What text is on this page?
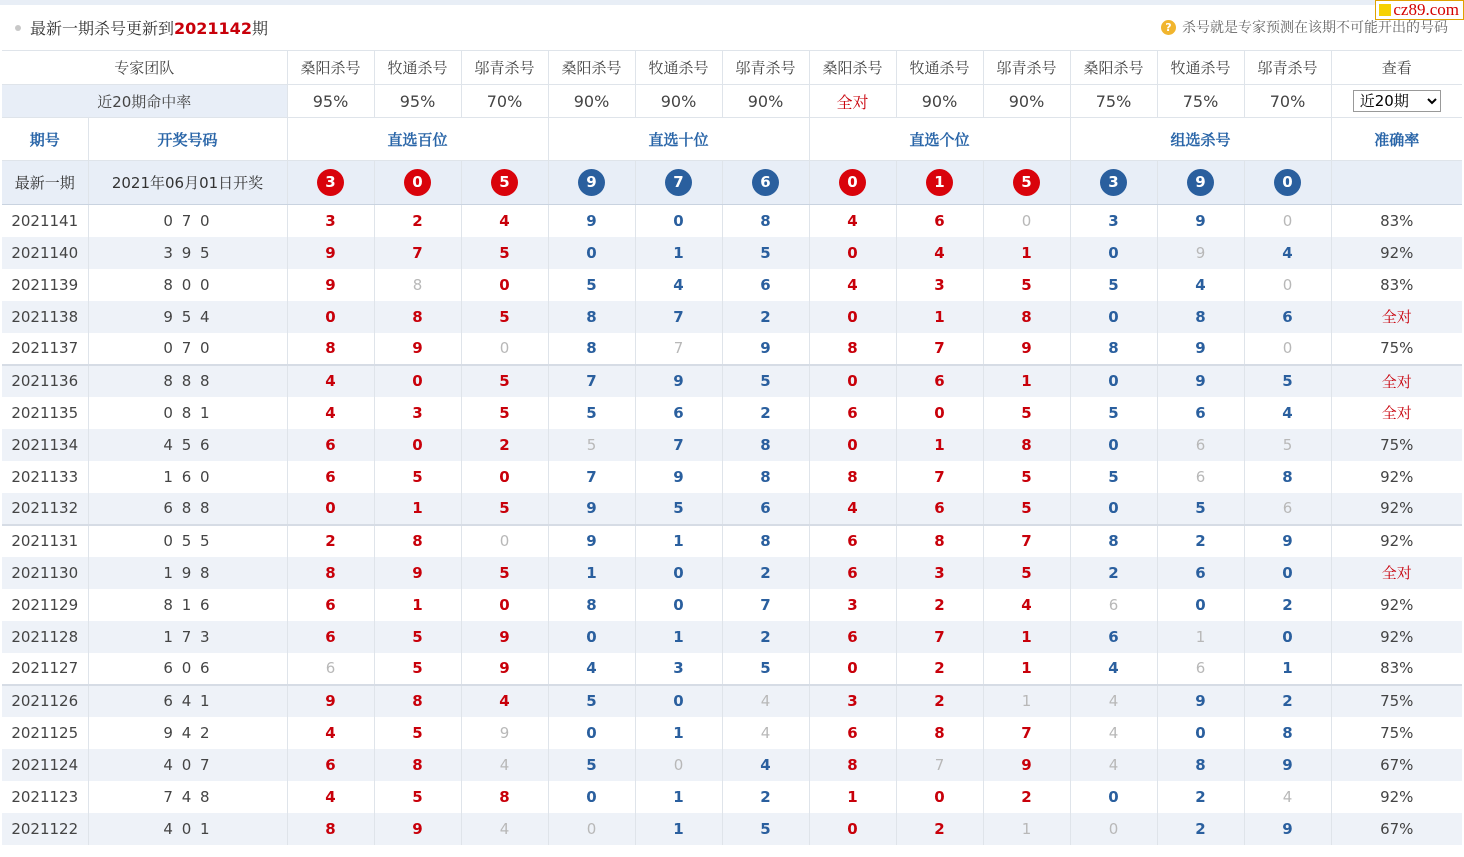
最新一期杀号更新到2021142期	? 杀号就是专家预测在该期不可能开出的号码
cz89.com
专家团队		桑阳杀号	牧通杀号	邬青杀号	桑阳杀号	牧通杀号	邬青杀号	桑阳杀号	牧通杀号	邬青杀号	桑阳杀号	牧通杀号	邬青杀号	查看
近20期命中率		95%	95%	70%	90%	90%	90%	全对	90%	90%	75%	75%	70%	
近20期
期号	开奖号码	直选百位			直选十位			直选个位			组选杀号			准确率
最新一期	2021年06月01日开奖	3	0	5	9	7	6	0	1	5	3	9	0	
2021141	0 7 0	3	2	4	9	0	8	4	6	0	3	9	0	83%
2021140	3 9 5	9	7	5	0	1	5	0	4	1	0	9	4	92%
2021139	8 0 0	9	8	0	5	4	6	4	3	5	5	4	0	83%
2021138	9 5 4	0	8	5	8	7	2	0	1	8	0	8	6	全对
2021137	0 7 0	8	9	0	8	7	9	8	7	9	8	9	0	75%
2021136	8 8 8	4	0	5	7	9	5	0	6	1	0	9	5	全对
2021135	0 8 1	4	3	5	5	6	2	6	0	5	5	6	4	全对
2021134	4 5 6	6	0	2	5	7	8	0	1	8	0	6	5	75%
2021133	1 6 0	6	5	0	7	9	8	8	7	5	5	6	8	92%
2021132	6 8 8	0	1	5	9	5	6	4	6	5	0	5	6	92%
2021131	0 5 5	2	8	0	9	1	8	6	8	7	8	2	9	92%
2021130	1 9 8	8	9	5	1	0	2	6	3	5	2	6	0	全对
2021129	8 1 6	6	1	0	8	0	7	3	2	4	6	0	2	92%
2021128	1 7 3	6	5	9	0	1	2	6	7	1	6	1	0	92%
2021127	6 0 6	6	5	9	4	3	5	0	2	1	4	6	1	83%
2021126	6 4 1	9	8	4	5	0	4	3	2	1	4	9	2	75%
2021125	9 4 2	4	5	9	0	1	4	6	8	7	4	0	8	75%
2021124	4 0 7	6	8	4	5	0	4	8	7	9	4	8	9	67%
2021123	7 4 8	4	5	8	0	1	2	1	0	2	0	2	4	92%
2021122	4 0 1	8	9	4	0	1	5	0	2	1	0	2	9	67%
